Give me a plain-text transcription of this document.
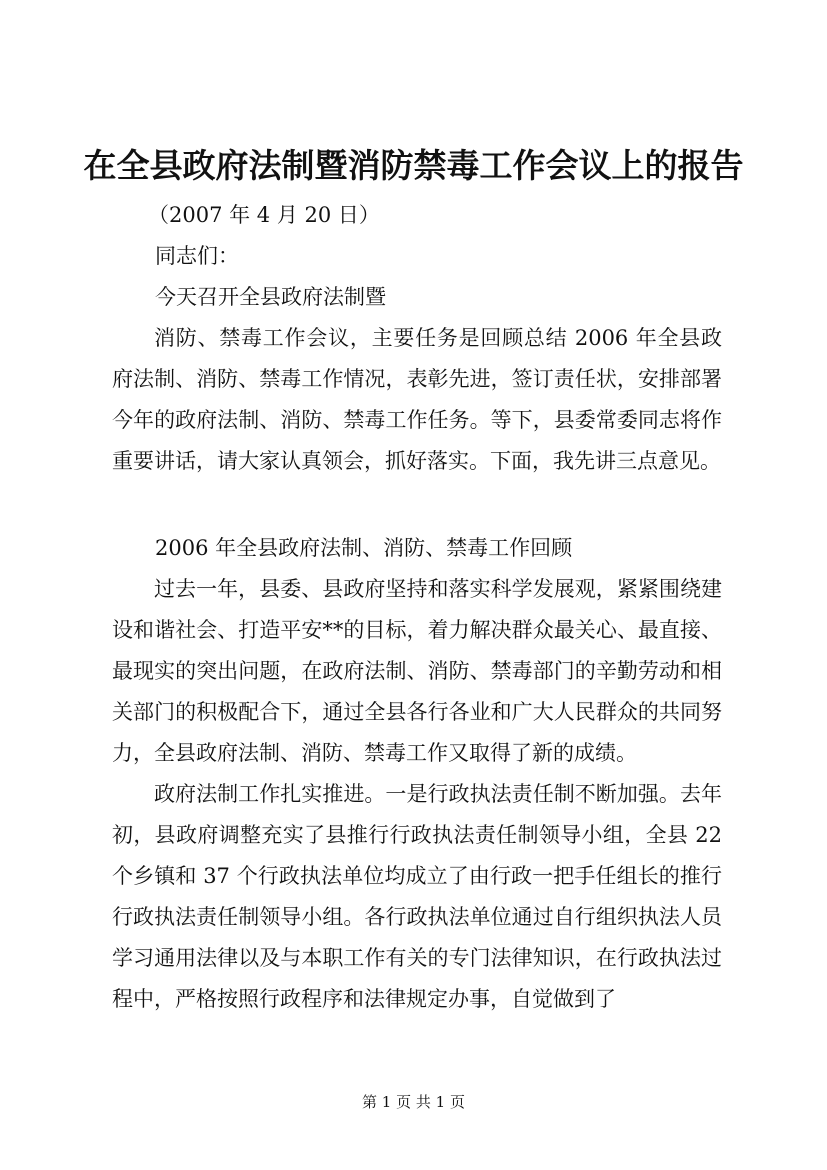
在全县政府法制暨消防禁毒工作会议上的报告
（2007 年 4 月 20 日）
同志们：
今天召开全县政府法制暨
消防、禁毒工作会议，主要任务是回顾总结 2006 年全县政府法制、消防、禁毒工作情况，表彰先进，签订责任状，安排部署今年的政府法制、消防、禁毒工作任务。等下，县委常委同志将作重要讲话，请大家认真领会，抓好落实。下面，我先讲三点意见。
2006 年全县政府法制、消防、禁毒工作回顾
过去一年，县委、县政府坚持和落实科学发展观，紧紧围绕建设和谐社会、打造平安**的目标，着力解决群众最关心、最直接、最现实的突出问题，在政府法制、消防、禁毒部门的辛勤劳动和相关部门的积极配合下，通过全县各行各业和广大人民群众的共同努力，全县政府法制、消防、禁毒工作又取得了新的成绩。
政府法制工作扎实推进。一是行政执法责任制不断加强。去年初，县政府调整充实了县推行行政执法责任制领导小组，全县 22 个乡镇和 37 个行政执法单位均成立了由行政一把手任组长的推行行政执法责任制领导小组。各行政执法单位通过自行组织执法人员学习通用法律以及与本职工作有关的专门法律知识，在行政执法过程中，严格按照行政程序和法律规定办事，自觉做到了
第 1 页 共 1 页
